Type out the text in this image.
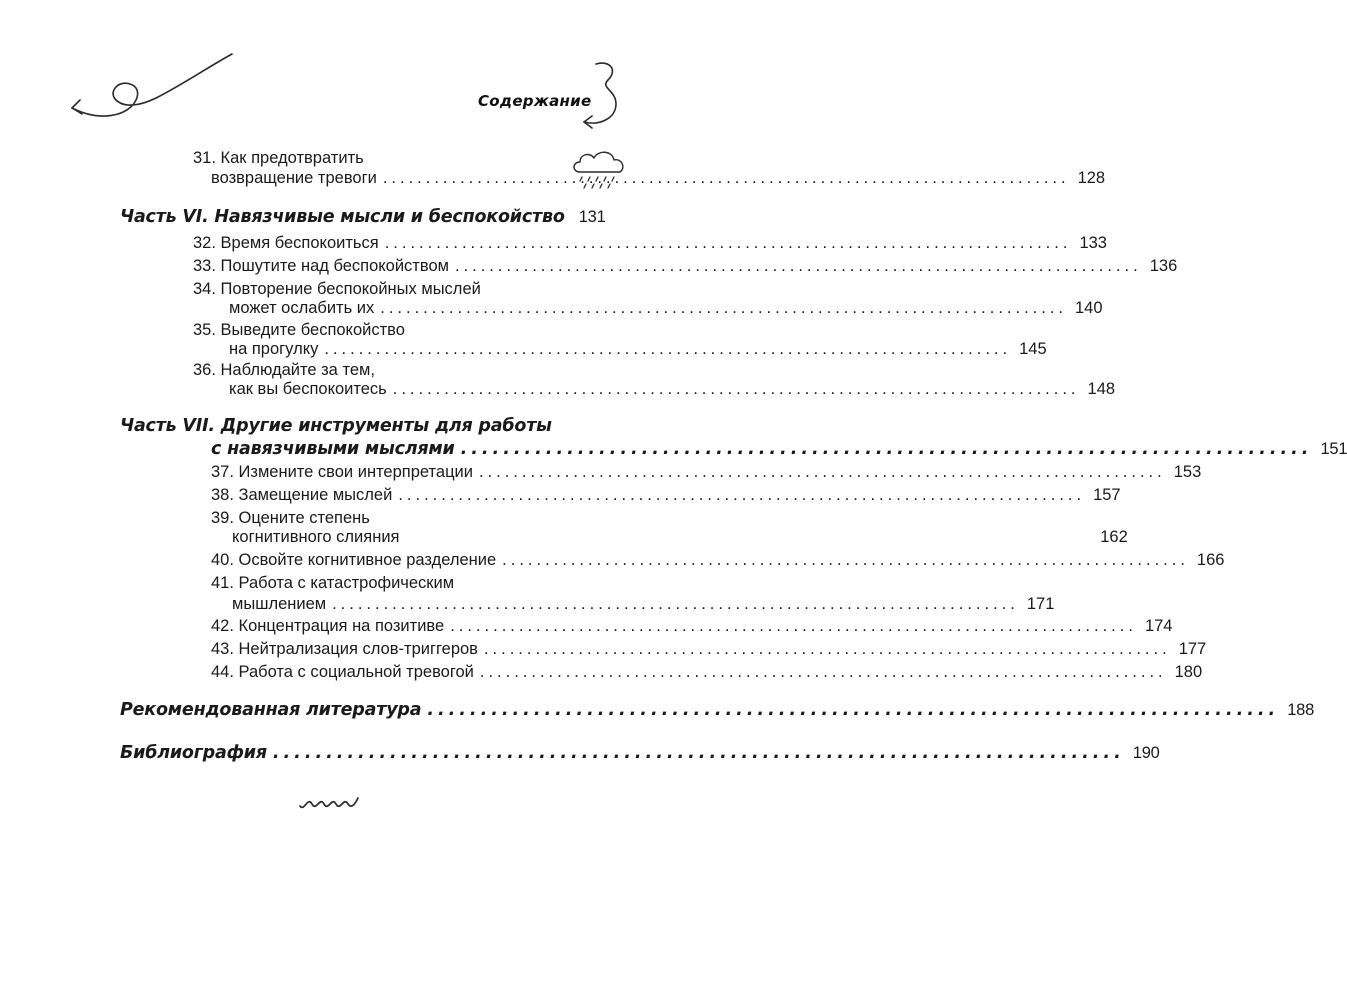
Содержание
31. Как предотвратить
возвращение тревоги ................................................................................ 128
Часть VI. Навязчивые мысли и беспокойство 131
32. Время беспокоиться ................................................................................ 133
33. Пошутите над беспокойством ................................................................................ 136
34. Повторение беспокойных мыслей
может ослабить их ................................................................................ 140
35. Выведите беспокойство
на прогулку ................................................................................ 145
36. Наблюдайте за тем,
как вы беспокоитесь ................................................................................ 148
Часть VII. Другие инструменты для работы
с навязчивыми мыслями ................................................................................ 151
37. Измените свои интерпретации ................................................................................ 153
38. Замещение мыслей ................................................................................ 157
39. Оцените степень
когнитивного слияния	162
40. Освойте когнитивное разделение ................................................................................ 166
41. Работа с катастрофическим
мышлением ................................................................................ 171
42. Концентрация на позитиве ................................................................................ 174
43. Нейтрализация слов-триггеров ................................................................................ 177
44. Работа с социальной тревогой ................................................................................ 180
Рекомендованная литература ................................................................................ 188
Библиография ................................................................................ 190
